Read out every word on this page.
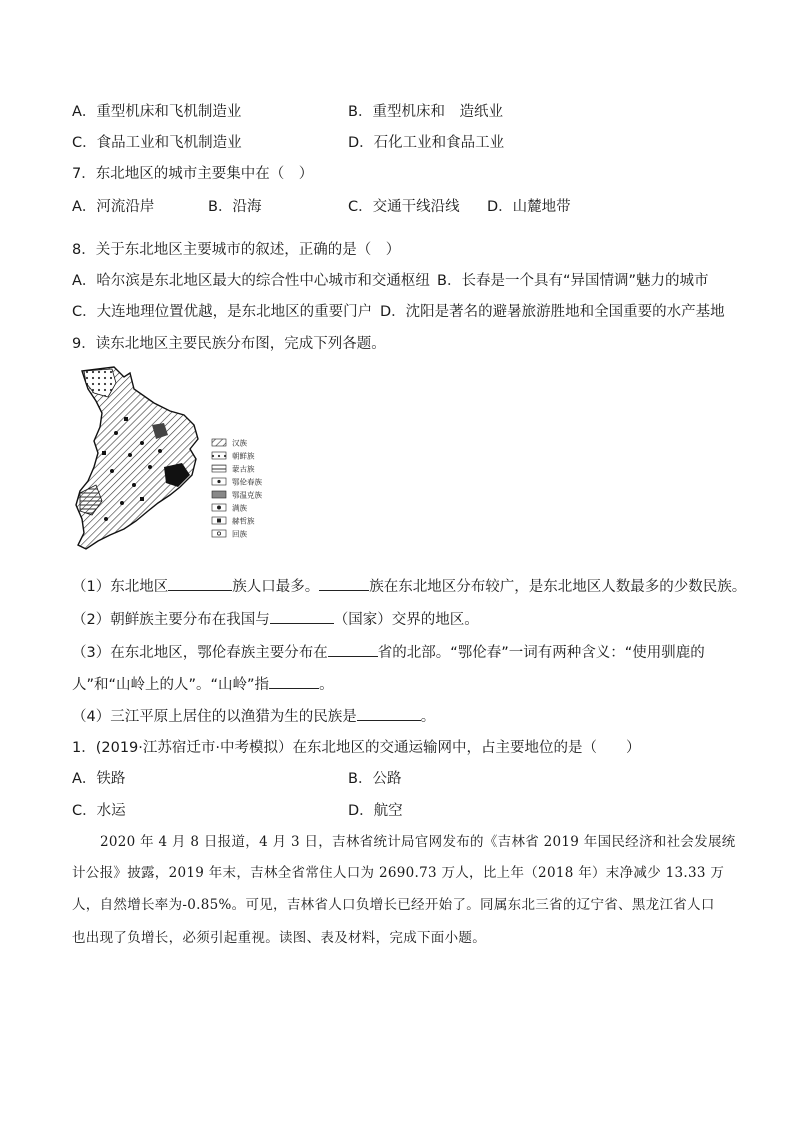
A．重型机床和飞机制造业	B．重型机床和　造纸业
C．食品工业和飞机制造业	D．石化工业和食品工业
7．东北地区的城市主要集中在（　）
A．河流沿岸	B．沿海	C．交通干线沿线 D．山麓地带
8．关于东北地区主要城市的叙述，正确的是（　）
A．哈尔滨是东北地区最大的综合性中心城市和交通枢纽 B．长春是一个具有“异国情调”魅力的城市
C．大连地理位置优越，是东北地区的重要门户 D．沈阳是著名的避暑旅游胜地和全国重要的水产基地
9．读东北地区主要民族分布图，完成下列各题。
汉族
朝鲜族
蒙古族
鄂伦春族
鄂温克族
满族
赫哲族
回族
（1）东北地区	族人口最多。	族在东北地区分布较广，是东北地区人数最多的少数民族。
（2）朝鲜族主要分布在我国与	（国家）交界的地区。
（3）在东北地区，鄂伦春族主要分布在	省的北部。“鄂伦春”一词有两种含义：“使用驯鹿的
人”和“山岭上的人”。“山岭”指	。
（4）三江平原上居住的以渔猎为生的民族是	。
1．(2019·江苏宿迁市·中考模拟）在东北地区的交通运输网中，占主要地位的是（　　）
A．铁路	B．公路
C．水运	D．航空
2020 年 4 月 8 日报道，4 月 3 日，吉林省统计局官网发布的《吉林省 2019 年国民经济和社会发展统
计公报》披露，2019 年末，吉林全省常住人口为 2690.73 万人，比上年（2018 年）末净减少 13.33 万
人，自然增长率为-0.85%。可见，吉林省人口负增长已经开始了。同属东北三省的辽宁省、黑龙江省人口
也出现了负增长，必须引起重视。读图、表及材料，完成下面小题。
